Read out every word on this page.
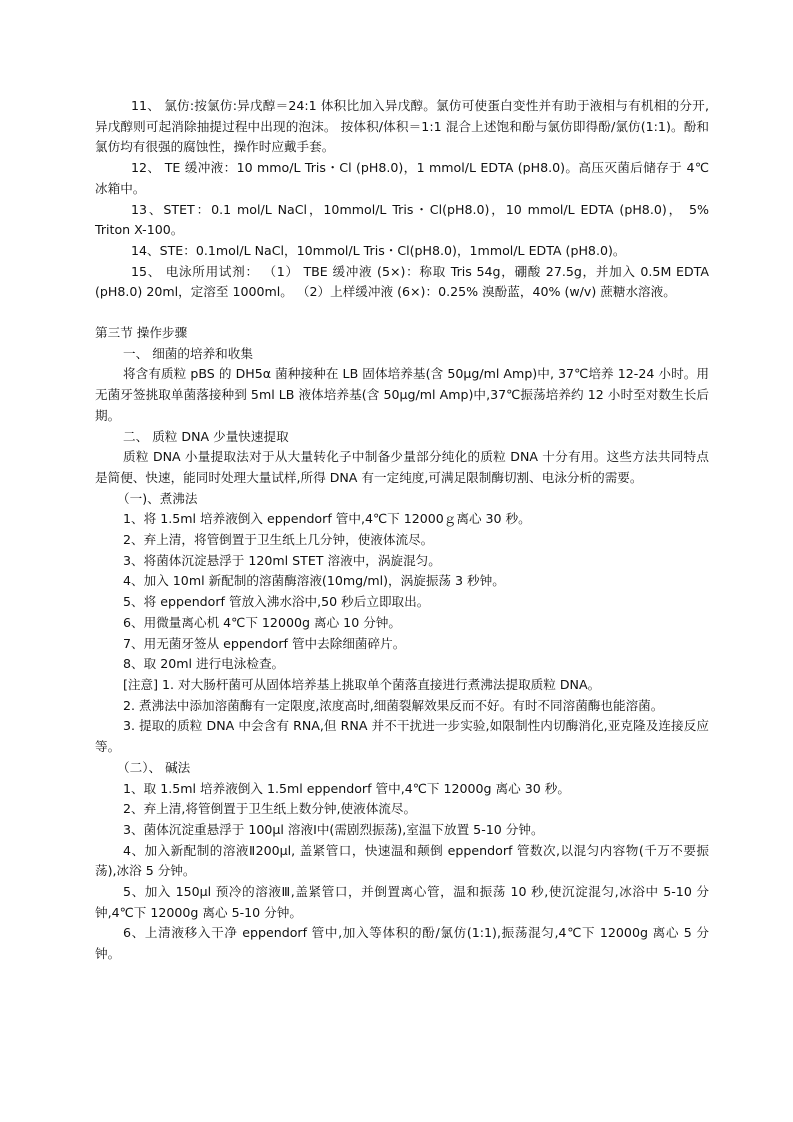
11、 氯仿:按氯仿:异戊醇＝24:1 体积比加入异戊醇。氯仿可使蛋白变性并有助于液相与有机相的分开,异戊醇则可起消除抽提过程中出现的泡沫。 按体积/体积＝1:1 混合上述饱和酚与氯仿即得酚/氯仿(1:1)。酚和氯仿均有很强的腐蚀性，操作时应戴手套。

12、 TE 缓冲液：10 mmo/L Tris・Cl (pH8.0)，1 mmol/L EDTA (pH8.0)。高压灭菌后储存于 4℃冰箱中。

13、STET：0.1 mol/L NaCl，10mmol/L Tris・Cl(pH8.0)，10 mmol/L EDTA (pH8.0)， 5% Triton X-100。

14、STE：0.1mol/L NaCl，10mmol/L Tris・Cl(pH8.0)，1mmol/L EDTA (pH8.0)。

15、 电泳所用试剂： （1） TBE 缓冲液 (5×)：称取 Tris 54g，硼酸 27.5g，并加入 0.5M EDTA (pH8.0) 20ml，定溶至 1000ml。 （2）上样缓冲液 (6×)：0.25% 溴酚蓝，40% (w/v) 蔗糖水溶液。

第三节 操作步骤

一、 细菌的培养和收集

将含有质粒 pBS 的 DH5α 菌种接种在 LB 固体培养基(含 50μg/ml Amp)中, 37℃培养 12-24 小时。用无菌牙签挑取单菌落接种到 5ml LB 液体培养基(含 50μg/ml Amp)中,37℃振荡培养约 12 小时至对数生长后期。

二、 质粒 DNA 少量快速提取

质粒 DNA 小量提取法对于从大量转化子中制备少量部分纯化的质粒 DNA 十分有用。这些方法共同特点是简便、快速，能同时处理大量试样,所得 DNA 有一定纯度,可满足限制酶切割、电泳分析的需要。

（一)、煮沸法

1、将 1.5ml 培养液倒入 eppendorf 管中,4℃下 12000ｇ离心 30 秒。

2、弃上清，将管倒置于卫生纸上几分钟，使液体流尽。

3、将菌体沉淀悬浮于 120ml STET 溶液中，涡旋混匀。

4、加入 10ml 新配制的溶菌酶溶液(10mg/ml)，涡旋振荡 3 秒钟。

5、将 eppendorf 管放入沸水浴中,50 秒后立即取出。

6、用微量离心机 4℃下 12000g 离心 10 分钟。

7、用无菌牙签从 eppendorf 管中去除细菌碎片。

8、取 20ml 进行电泳检查。

[注意] 1. 对大肠杆菌可从固体培养基上挑取单个菌落直接进行煮沸法提取质粒 DNA。

2. 煮沸法中添加溶菌酶有一定限度,浓度高时,细菌裂解效果反而不好。有时不同溶菌酶也能溶菌。

3. 提取的质粒 DNA 中会含有 RNA,但 RNA 并不干扰进一步实验,如限制性内切酶消化,亚克隆及连接反应等。

（二）、 碱法

1、取 1.5ml 培养液倒入 1.5ml eppendorf 管中,4℃下 12000g 离心 30 秒。

2、弃上清,将管倒置于卫生纸上数分钟,使液体流尽。

3、菌体沉淀重悬浮于 100μl 溶液Ⅰ中(需剧烈振荡),室温下放置 5-10 分钟。

4、加入新配制的溶液Ⅱ200μl, 盖紧管口，快速温和颠倒 eppendorf 管数次,以混匀内容物(千万不要振荡),冰浴 5 分钟。

5、加入 150μl 预冷的溶液Ⅲ,盖紧管口，并倒置离心管，温和振荡 10 秒,使沉淀混匀,冰浴中 5-10 分钟,4℃下 12000g 离心 5-10 分钟。

6、上清液移入干净 eppendorf 管中,加入等体积的酚/氯仿(1:1),振荡混匀,4℃下 12000g 离心 5 分钟。
